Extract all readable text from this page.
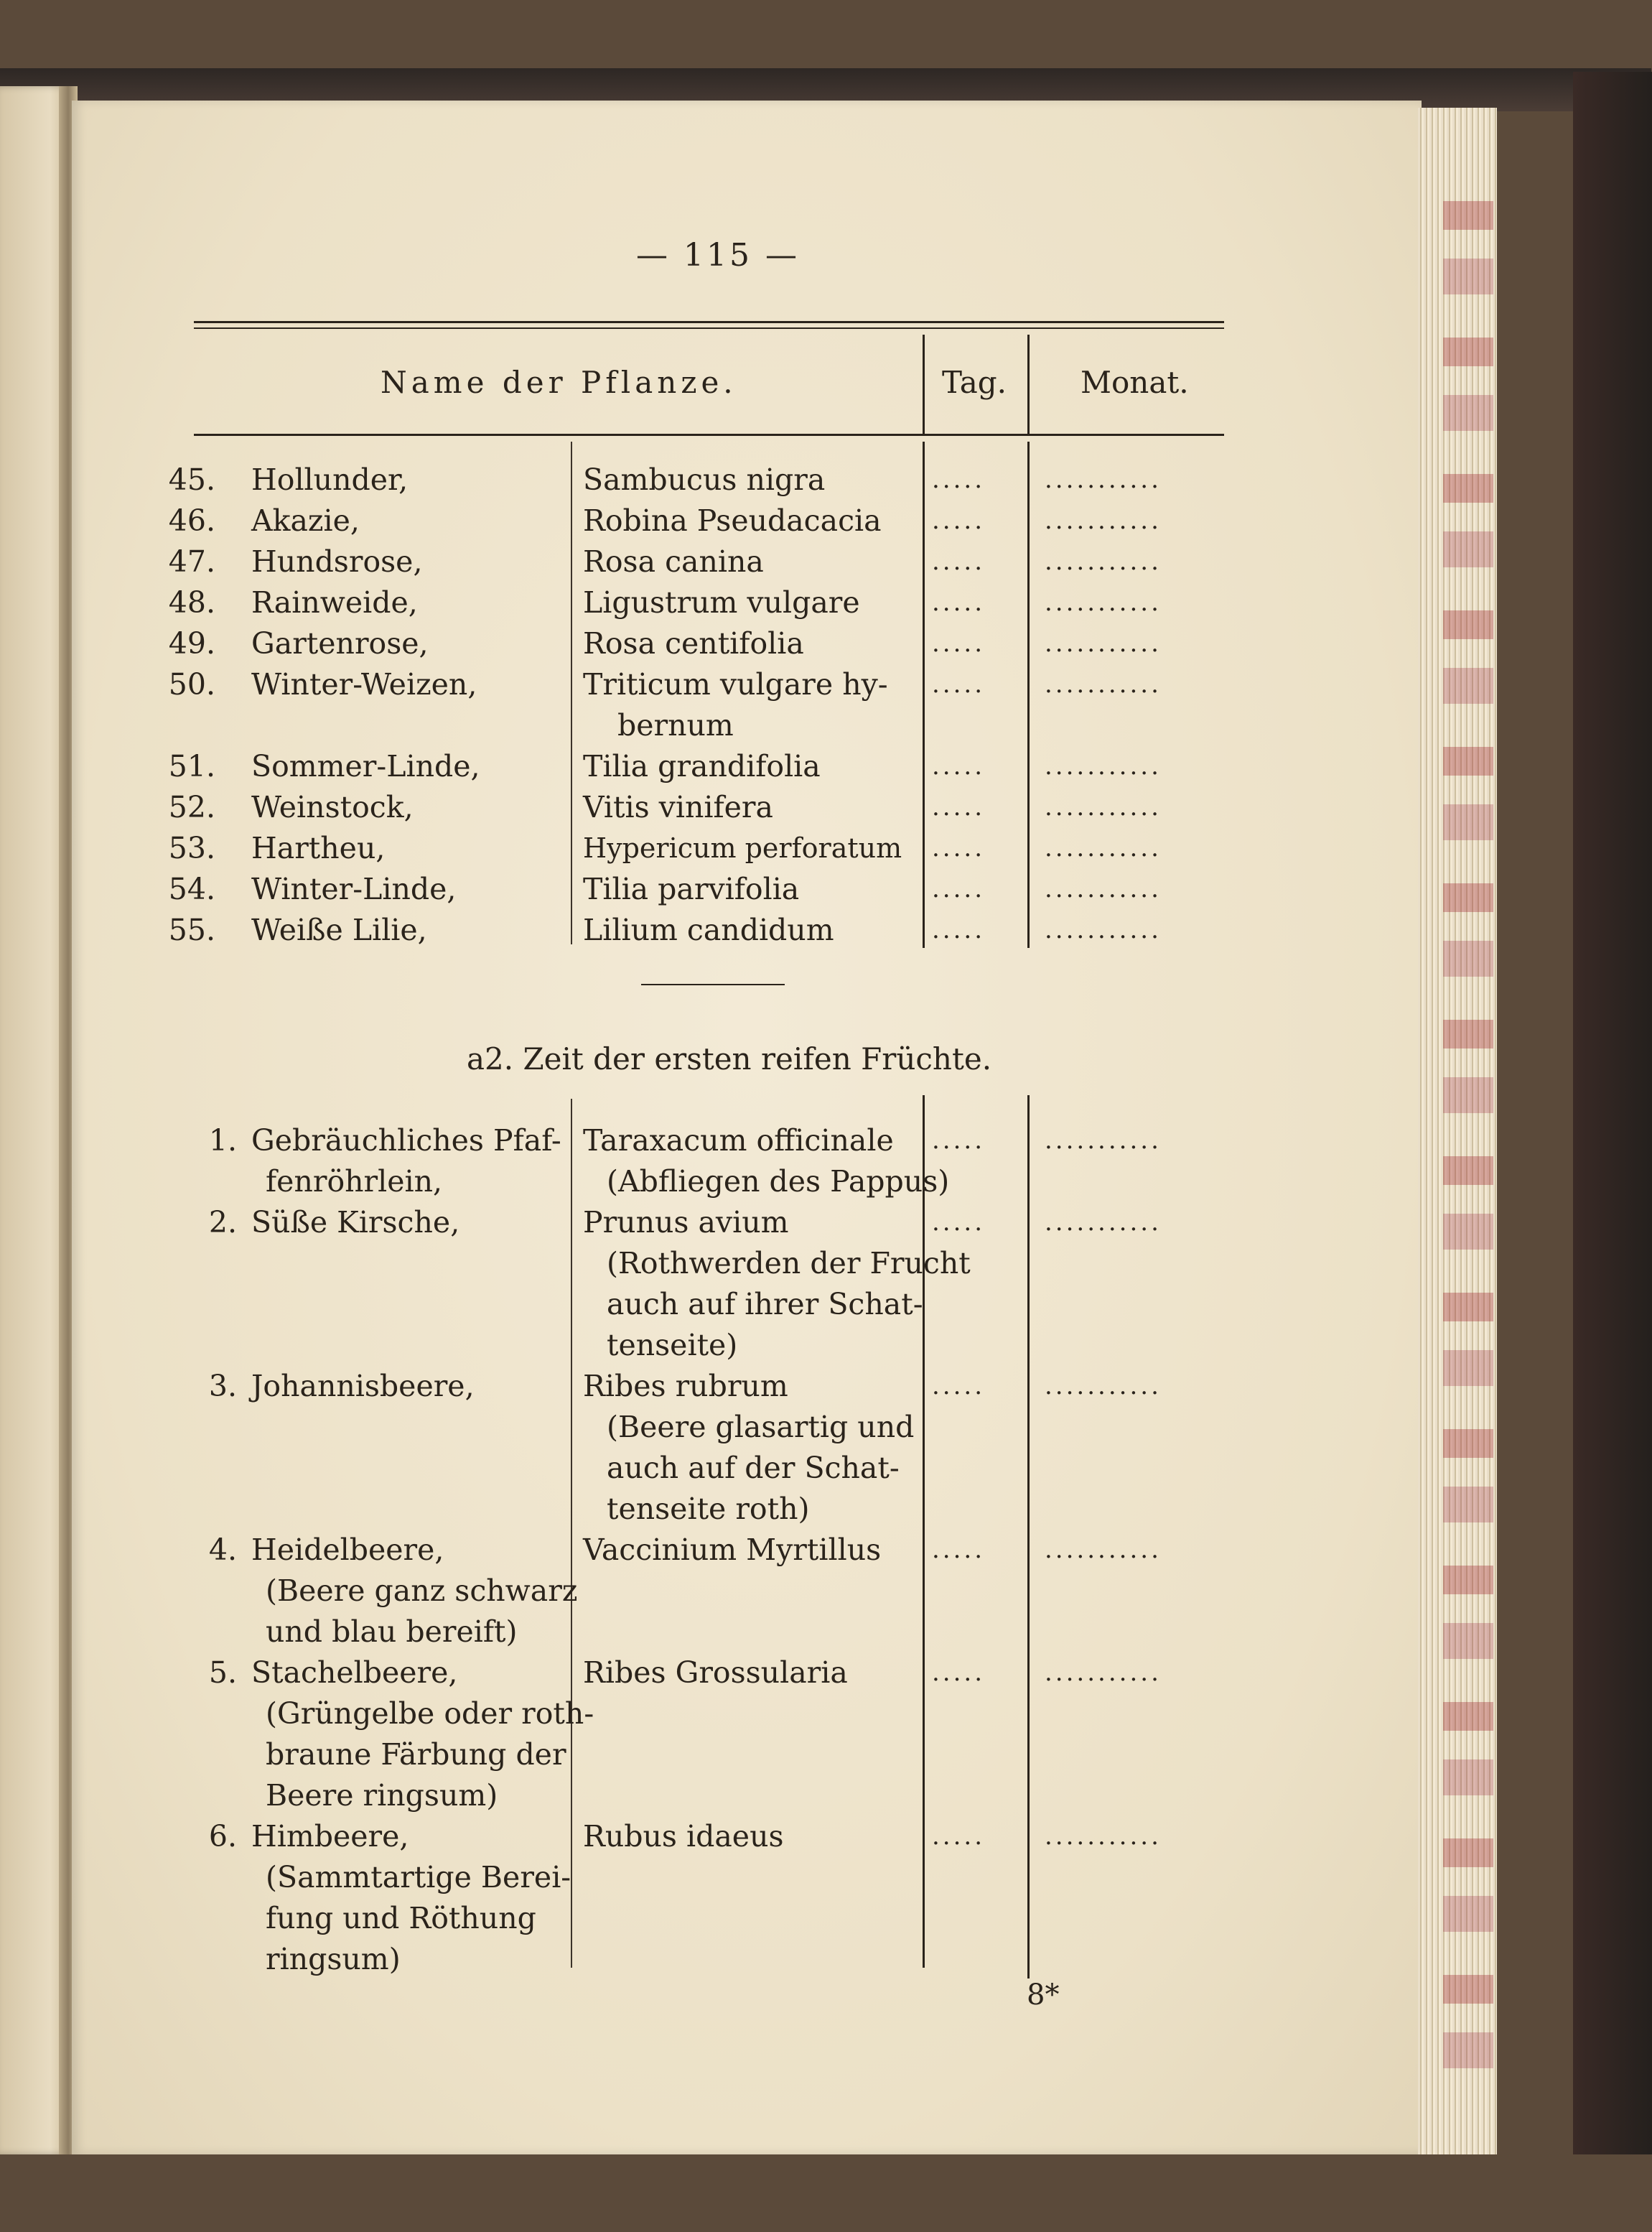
— 115 —
Name der Pflanze.	Tag. Monat.
45. Hollunder,	Sambucus nigra	..... ...........
46. Akazie,	Robina Pseudacacia ..... ...........
47. Hundsrose,	Rosa canina	..... ...........
48. Rainweide,	Ligustrum vulgare	..... ...........
49. Gartenrose,	Rosa centifolia	..... ...........
50. Winter-Weizen,	Triticum vulgare hy- ..... ...........
bernum
51. Sommer-Linde,	Tilia grandifolia	..... ...........
52. Weinstock,	Vitis vinifera	..... ...........
53. Hartheu,	Hypericum perforatum ..... ...........
54. Winter-Linde,	Tilia parvifolia	..... ...........
55. Weiße Lilie,	Lilium candidum	..... ...........
a2. Zeit der ersten reifen Früchte.
1. Gebräuchliches Pfaf- Taraxacum officinale ..... ...........
fenröhrlein,	(Abfliegen des Pappus)
2. Süße Kirsche,	Prunus avium	..... ...........
(Rothwerden der Frucht
auch auf ihrer Schat-
tenseite)
3. Johannisbeere,	Ribes rubrum	..... ...........
(Beere glasartig und
auch auf der Schat-
tenseite roth)
4. Heidelbeere,	Vaccinium Myrtillus ..... ...........
(Beere ganz schwarz
und blau bereift)
5. Stachelbeere,	Ribes Grossularia	..... ...........
(Grüngelbe oder roth-
braune Färbung der
Beere ringsum)
6. Himbeere,	Rubus idaeus	..... ...........
(Sammtartige Berei-
fung und Röthung
ringsum)
8*
